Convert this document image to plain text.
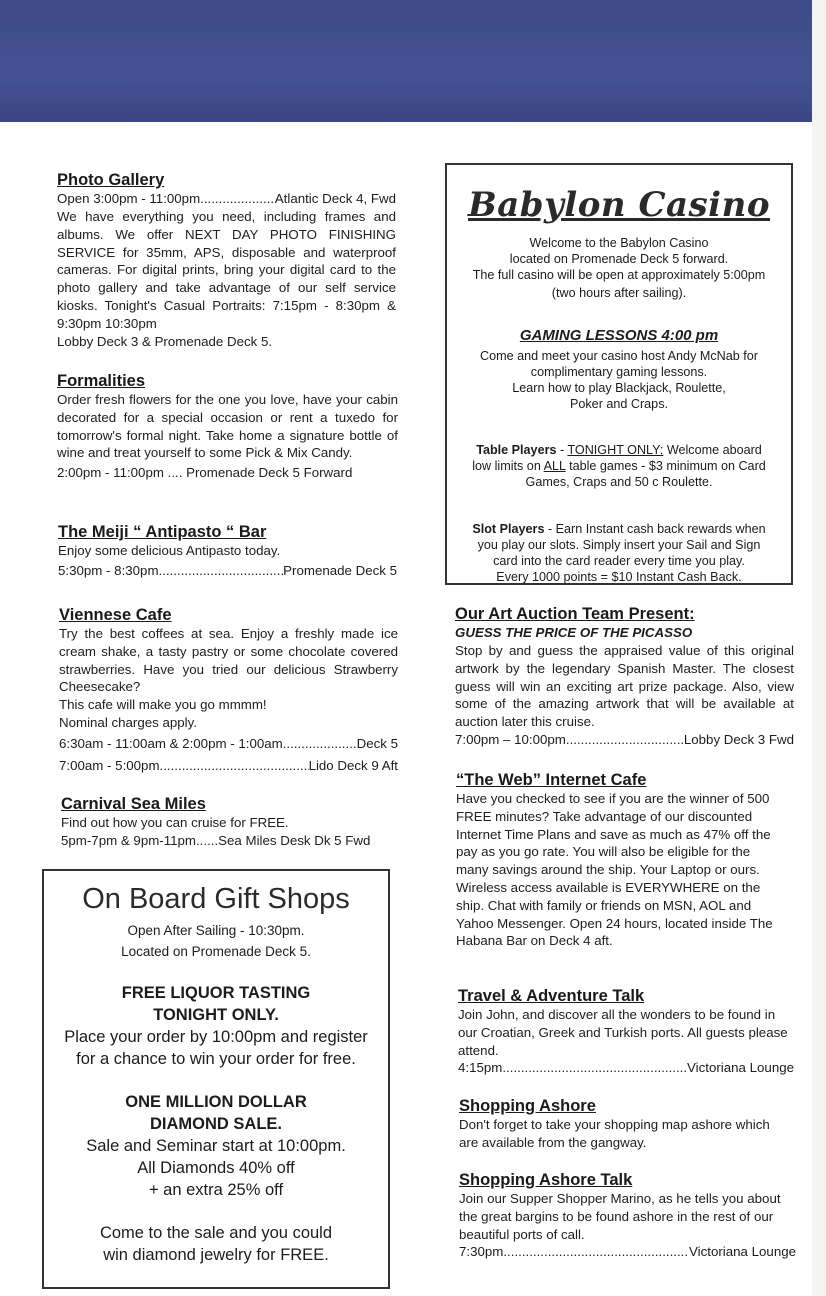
Photo Gallery
Open 3:00pm - 11:00pm .....	Atlantic Deck 4, Fwd
We have everything you need, including frames and albums. We offer NEXT DAY PHOTO FINISHING SERVICE for 35mm, APS, disposable and waterproof cameras. For digital prints, bring your digital card to the photo gallery and take advantage of our self service kiosks. Tonight's Casual Portraits: 7:15pm - 8:30pm & 9:30pm 10:30pm
Lobby Deck 3 & Promenade Deck 5.
Formalities
Order fresh flowers for the one you love, have your cabin decorated for a special occasion or rent a tuxedo for tomorrow's formal night. Take home a signature bottle of wine and treat yourself to some Pick & Mix Candy.
2:00pm - 11:00pm .... Promenade Deck 5 Forward
The Meiji “ Antipasto “ Bar
Enjoy some delicious Antipasto today.
5:30pm - 8:30pm .....	Promenade Deck 5
Viennese Cafe
Try the best coffees at sea. Enjoy a freshly made ice cream shake, a tasty pastry or some chocolate covered strawberries. Have you tried our delicious Strawberry Cheesecake?
This cafe will make you go mmmm!
Nominal charges apply.
6:30am - 11:00am & 2:00pm - 1:00am .....	Deck 5
7:00am - 5:00pm .....	Lido Deck 9 Aft
Carnival Sea Miles
Find out how you can cruise for FREE.
5pm-7pm & 9pm-11pm......Sea Miles Desk Dk 5 Fwd
On Board Gift Shops

Open After Sailing - 10:30pm.

Located on Promenade Deck 5.

FREE LIQUOR TASTING

TONIGHT ONLY.

Place your order by 10:00pm and register

for a chance to win your order for free.

ONE MILLION DOLLAR

DIAMOND SALE.

Sale and Seminar start at 10:00pm.

All Diamonds 40% off

+ an extra 25% off

Come to the sale and you could

win diamond jewelry for FREE.

Babylon Casino

Welcome to the Babylon Casino

located on Promenade Deck 5 forward.

The full casino will be open at approximately 5:00pm

(two hours after sailing).

GAMING LESSONS 4:00 pm

Come and meet your casino host Andy McNab for

complimentary gaming lessons.

Learn how to play Blackjack, Roulette,

Poker and Craps.

Table Players - TONIGHT ONLY: Welcome aboard

low limits on ALL table games - $3 minimum on Card

Games, Craps and 50 c Roulette.

Slot Players - Earn Instant cash back rewards when

you play our slots. Simply insert your Sail and Sign

card into the card reader every time you play.

Every 1000 points = $10 Instant Cash Back.

Our Art Auction Team Present:
GUESS THE PRICE OF THE PICASSO
Stop by and guess the appraised value of this original artwork by the legendary Spanish Master. The closest guess will win an exciting art prize package. Also, view some of the amazing artwork that will be available at auction later this cruise.
7:00pm – 10:00pm .....	Lobby Deck 3 Fwd
“The Web” Internet Cafe
Have you checked to see if you are the winner of 500 FREE minutes? Take advantage of our discounted Internet Time Plans and save as much as 47% off the pay as you go rate. You will also be eligible for the many savings around the ship. Your Laptop or ours. Wireless access available is EVERYWHERE on the ship. Chat with family or friends on MSN, AOL and Yahoo Messenger. Open 24 hours, located inside The Habana Bar on Deck 4 aft.
Travel & Adventure Talk
Join John, and discover all the wonders to be found in our Croatian, Greek and Turkish ports. All guests please attend.
4:15pm .....	Victoriana Lounge
Shopping Ashore
Don't forget to take your shopping map ashore which are available from the gangway.
Shopping Ashore Talk
Join our Supper Shopper Marino, as he tells you about the great bargins to be found ashore in the rest of our beautiful ports of call.
7:30pm .....	Victoriana Lounge
